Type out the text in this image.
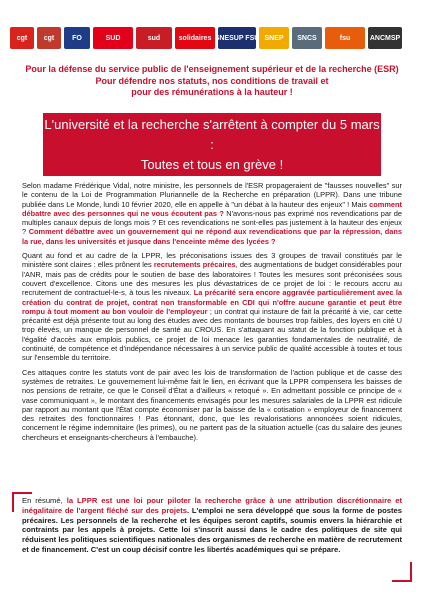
cgt	cgt	FO	SUD	sud	solidaires SNESUP FSU SNEP	SNCS	fsu	ANCMSP
Pour la défense du service public de l'enseignement supérieur et de la recherche (ESR)
Pour défendre nos statuts, nos conditions de travail et
pour des rémunérations à la hauteur !
L'université et la recherche s'arrêtent à compter du 5 mars :
Toutes et tous en grève !

Selon madame Frédérique Vidal, notre ministre, les personnels de l'ESR propageraient de "fausses nouvelles" sur le contenu de la Loi de Programmation Pluriannelle de la Recherche en préparation (LPPR). Dans une tribune publiée dans Le Monde, lundi 10 février 2020, elle en appelle à "un débat à la hauteur des enjeux" ! Mais comment débattre avec des personnes qui ne vous écoutent pas ? N'avons-nous pas exprimé nos revendications par de multiples canaux depuis de longs mois ? Et ces revendications ne sont-elles pas justement à la hauteur des enjeux ? Comment débattre avec un gouvernement qui ne répond aux revendications que par la répression, dans la rue, dans les universités et jusque dans l'enceinte même des lycées ?

Quant au fond et au cadre de la LPPR, les préconisations issues des 3 groupes de travail constitués par le ministère sont claires : elles prônent les recrutements précaires, des augmentations de budget considérables pour l'ANR, mais pas de crédits pour le soutien de base des laboratoires ! Toutes les mesures sont préconisées sous couvert d'excellence. Citons une des mesures les plus dévastatrices de ce projet de loi : le recours accru au recrutement de contractuel-le-s, à tous les niveaux. La précarité sera encore aggravée particulièrement avec la création du contrat de projet, contrat non transformable en CDI qui n'offre aucune garantie et peut être rompu à tout moment au bon vouloir de l'employeur ; un contrat qui instaure de fait la précarité à vie, car cette précarité est déjà présente tout au long des études avec des montants de bourses trop faibles, des loyers en cité U trop élevés, un manque de personnel de santé au CROUS. En s'attaquant au statut de la fonction publique et à l'égalité d'accès aux emplois publics, ce projet de loi menace les garanties fondamentales de neutralité, de continuité, de compétence et d'indépendance nécessaires à un service public de qualité accessible à toutes et tous sur l'ensemble du territoire.

Ces attaques contre les statuts vont de pair avec les lois de transformation de l'action publique et de casse des systèmes de retraites. Le gouvernement lui-même fait le lien, en écrivant que la LPPR compensera les baisses de nos pensions de retraite, ce que le Conseil d'État a d'ailleurs « retoqué ». En admettant possible ce principe de « vase communiquant », le montant des financements envisagés pour les mesures salariales de la LPPR est ridicule par rapport au montant que l'État compte économiser par la baisse de la « cotisation » employeur de financement des retraites des fonctionnaires ! Pas étonnant, donc, que les revalorisations annoncées soient ridicules, concernent le régime indemnitaire (les primes), ou ne partent pas de la situation actuelle (cas du salaire des jeunes chercheurs et enseignants-chercheurs à l'embauche).

En résumé, la LPPR est une loi pour piloter la recherche grâce à une attribution discrétionnaire et inégalitaire de l'argent fléché sur des projets. L'emploi ne sera développé que sous la forme de postes précaires. Les personnels de la recherche et les équipes seront captifs, soumis envers la hiérarchie et contraints par les appels à projets. Cette loi s'inscrit aussi dans le cadre des politiques de site qui réduisent les politiques scientifiques nationales des organismes de recherche en matière de recrutement et de financement. C'est un coup décisif contre les libertés académiques qui se prépare.
